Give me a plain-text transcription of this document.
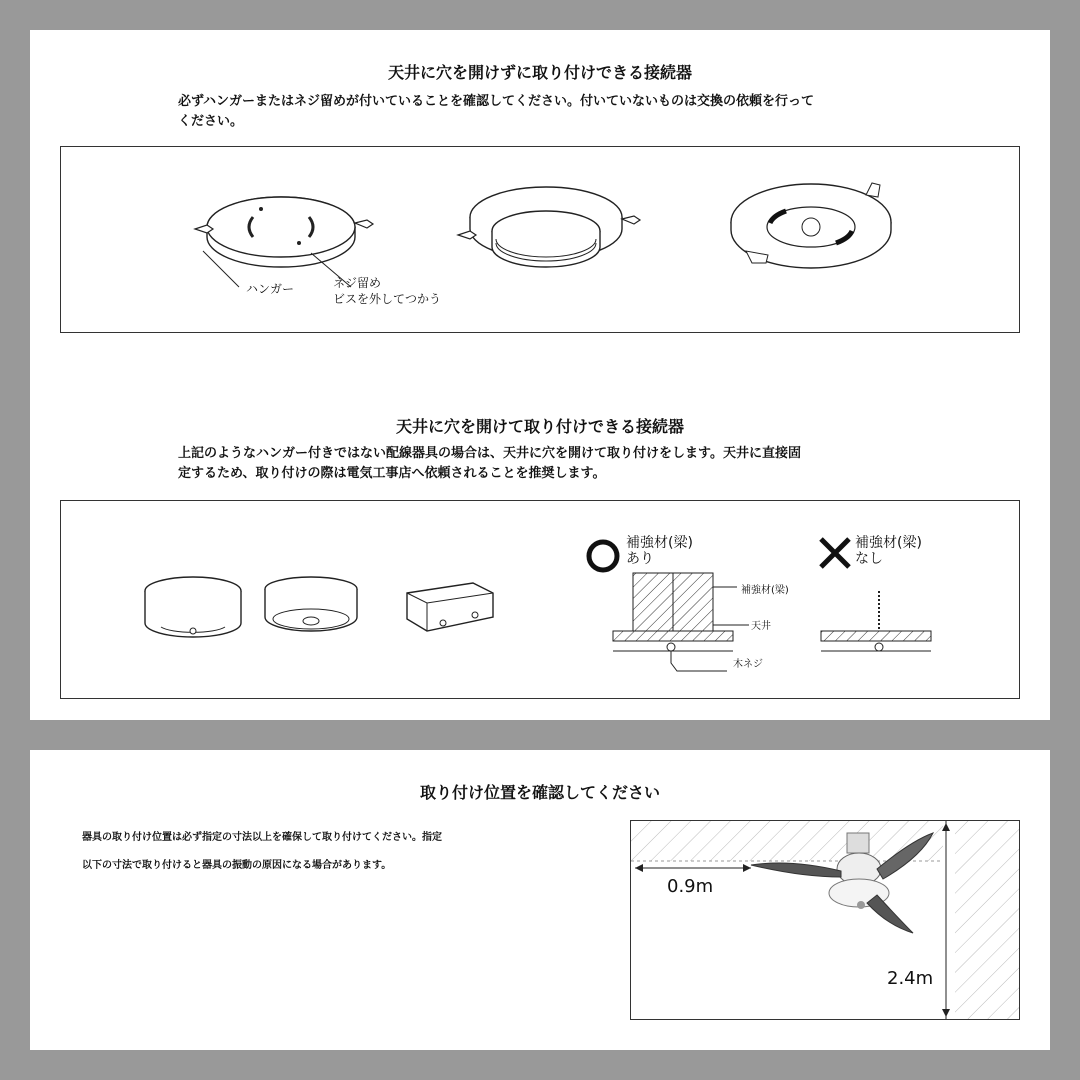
天井に穴を開けずに取り付けできる接続器
必ずハンガーまたはネジ留めが付いていることを確認してください。付いていないものは交換の依頼を行って
ください。
ハンガー	ネジ留め
ビスを外してつかう
天井に穴を開けて取り付けできる接続器
上記のようなハンガー付きではない配線器具の場合は、天井に穴を開けて取り付けをします。天井に直接固
定するため、取り付けの際は電気工事店へ依頼されることを推奨します。
補強材(梁)
あり
補強材(梁)
天井
木ネジ
補強材(梁)
なし
取り付け位置を確認してください
器具の取り付け位置は必ず指定の寸法以上を確保して取り付けてください。指定
以下の寸法で取り付けると器具の振動の原因になる場合があります。
0.9m
2.4m
